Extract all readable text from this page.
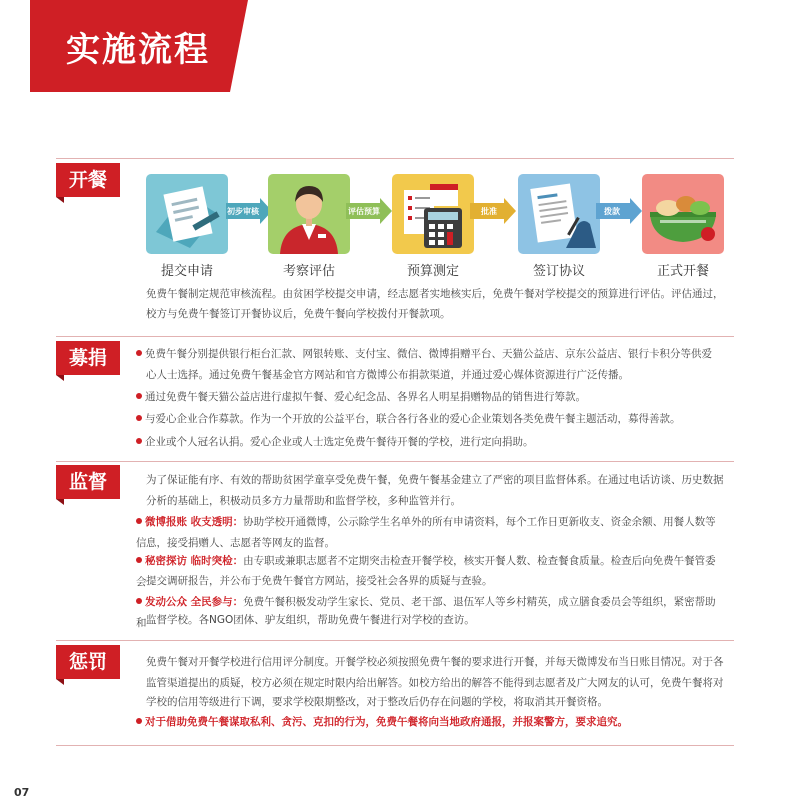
实施流程
开餐
提交申请
初步审核
考察评估
评估预算
预算测定
批准
签订协议
拨款
正式开餐
免费午餐制定规范审核流程。由贫困学校提交申请，经志愿者实地核实后，免费午餐对学校提交的预算进行评估。评估通过，
校方与免费午餐签订开餐协议后，免费午餐向学校拨付开餐款项。
募捐	免费午餐分别提供银行柜台汇款、网银转账、支付宝、微信、微博捐赠平台、天猫公益店、京东公益店、银行卡积分等供爱
心人士选择。通过免费午餐基金官方网站和官方微博公布捐款渠道，并通过爱心媒体资源进行广泛传播。
通过免费午餐天猫公益店进行虚拟午餐、爱心纪念品、各界名人明星捐赠物品的销售进行筹款。
与爱心企业合作募款。作为一个开放的公益平台，联合各行各业的爱心企业策划各类免费午餐主题活动，募得善款。
企业或个人冠名认捐。爱心企业或人士选定免费午餐待开餐的学校，进行定向捐助。
监督	为了保证能有序、有效的帮助贫困学童享受免费午餐，免费午餐基金建立了严密的项目监督体系。在通过电话访谈、历史数据
分析的基础上，积极动员多方力量帮助和监督学校，多种监管并行。
微博报账 收支透明：协助学校开通微博，公示除学生名单外的所有申请资料，每个工作日更新收支、资金余额、用餐人数等信 息，接受捐赠人、志愿者等网友的监督。
秘密探访 临时突检：由专职或兼职志愿者不定期突击检查开餐学校，核实开餐人数、检查餐食质量。检查后向免费午餐管委会 提交调研报告，并公布于免费午餐官方网站，接受社会各界的质疑与查验。
发动公众 全民参与：免费午餐积极发动学生家长、党员、老干部、退伍军人等乡村精英，成立膳食委员会等组织，紧密帮助和 监督学校。各NGO团体、驴友组织，帮助免费午餐进行对学校的查访。
惩罚	免费午餐对开餐学校进行信用评分制度。开餐学校必须按照免费午餐的要求进行开餐，并每天微博发布当日账目情况。对于各
监管渠道提出的质疑，校方必须在规定时限内给出解答。如校方给出的解答不能得到志愿者及广大网友的认可，免费午餐将对
学校的信用等级进行下调，要求学校限期整改，对于整改后仍存在问题的学校，将取消其开餐资格。
对于借助免费午餐谋取私利、贪污、克扣的行为，免费午餐将向当地政府通报，并报案警方，要求追究。
07
